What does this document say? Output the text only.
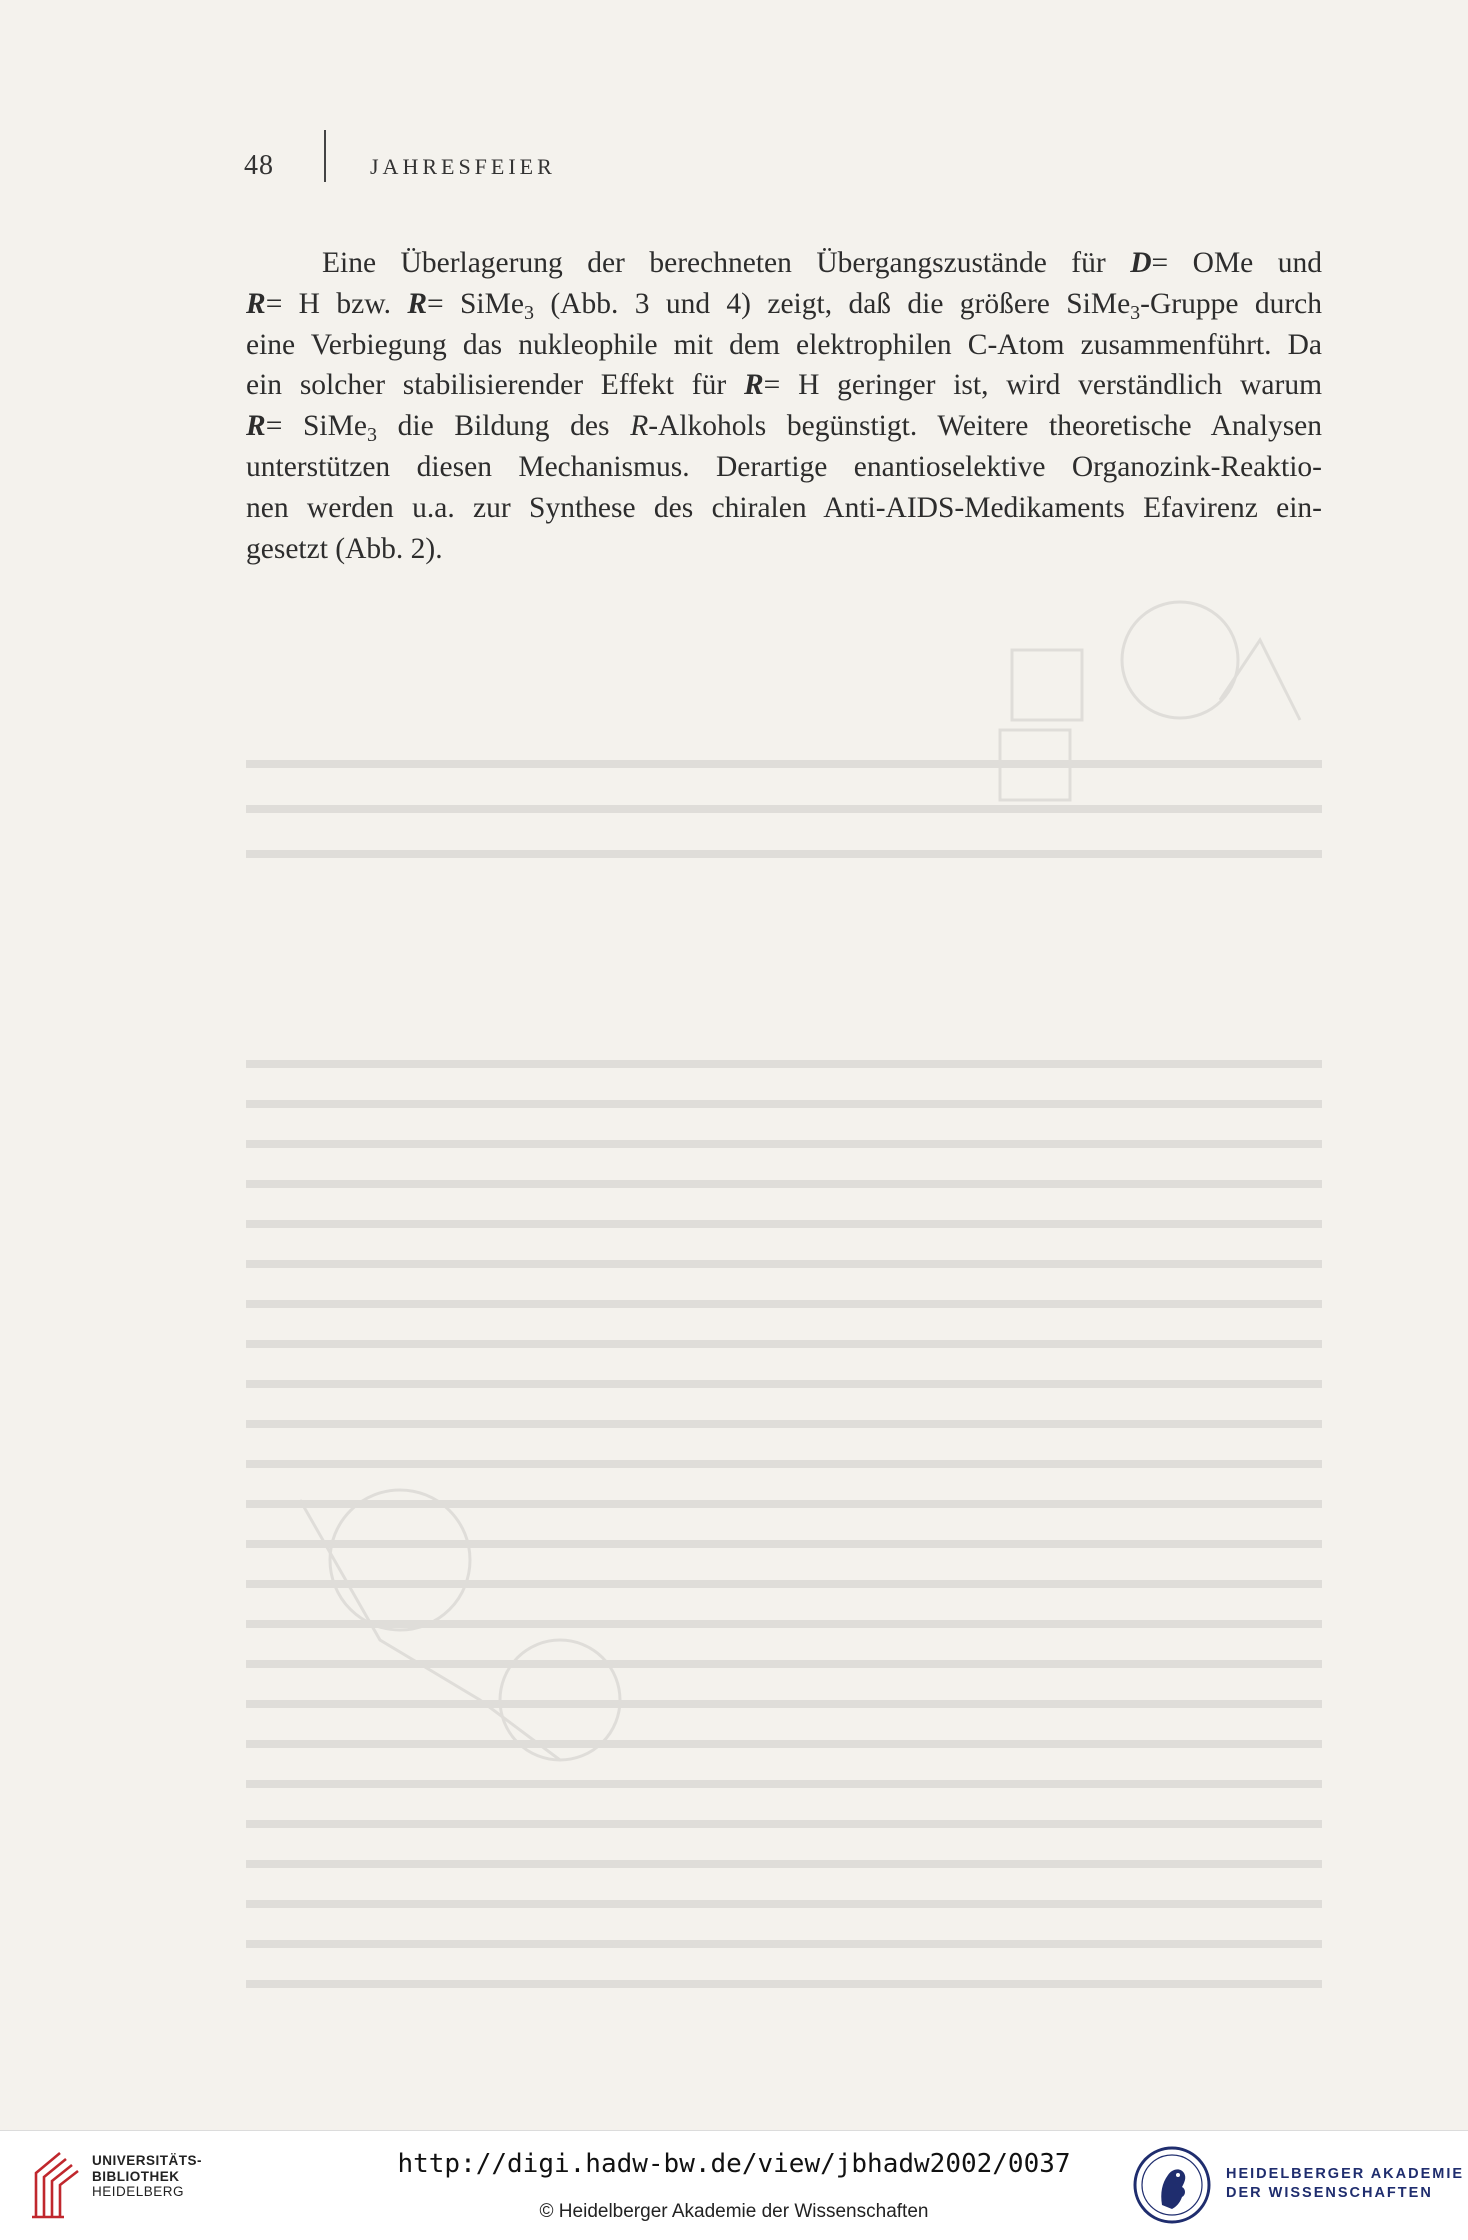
48	JAHRESFEIER
Eine Überlagerung der berechneten Übergangszustände für D= OMe und
R= H bzw. R= SiMe$_3$ (Abb. 3 und 4) zeigt, daß die größere SiMe$_3$-Gruppe durch
eine Verbiegung das nukleophile mit dem elektrophilen C-Atom zusammenführt. Da
ein solcher stabilisierender Effekt für R= H geringer ist, wird verständlich warum
R= SiMe$_3$ die Bildung des R-Alkohols begünstigt. Weitere theoretische Analysen
unterstützen diesen Mechanismus. Derartige enantioselektive Organozink-Reaktio-
nen werden u.a. zur Synthese des chiralen Anti-AIDS-Medikaments Efavirenz ein-
gesetzt (Abb. 2).
UNIVERSITÄTS-
BIBLIOTHEK
HEIDELBERG
http://digi.hadw-bw.de/view/jbhadw2002/0037
© Heidelberger Akademie der Wissenschaften
HEIDELBERGER AKADEMIE
DER WISSENSCHAFTEN
